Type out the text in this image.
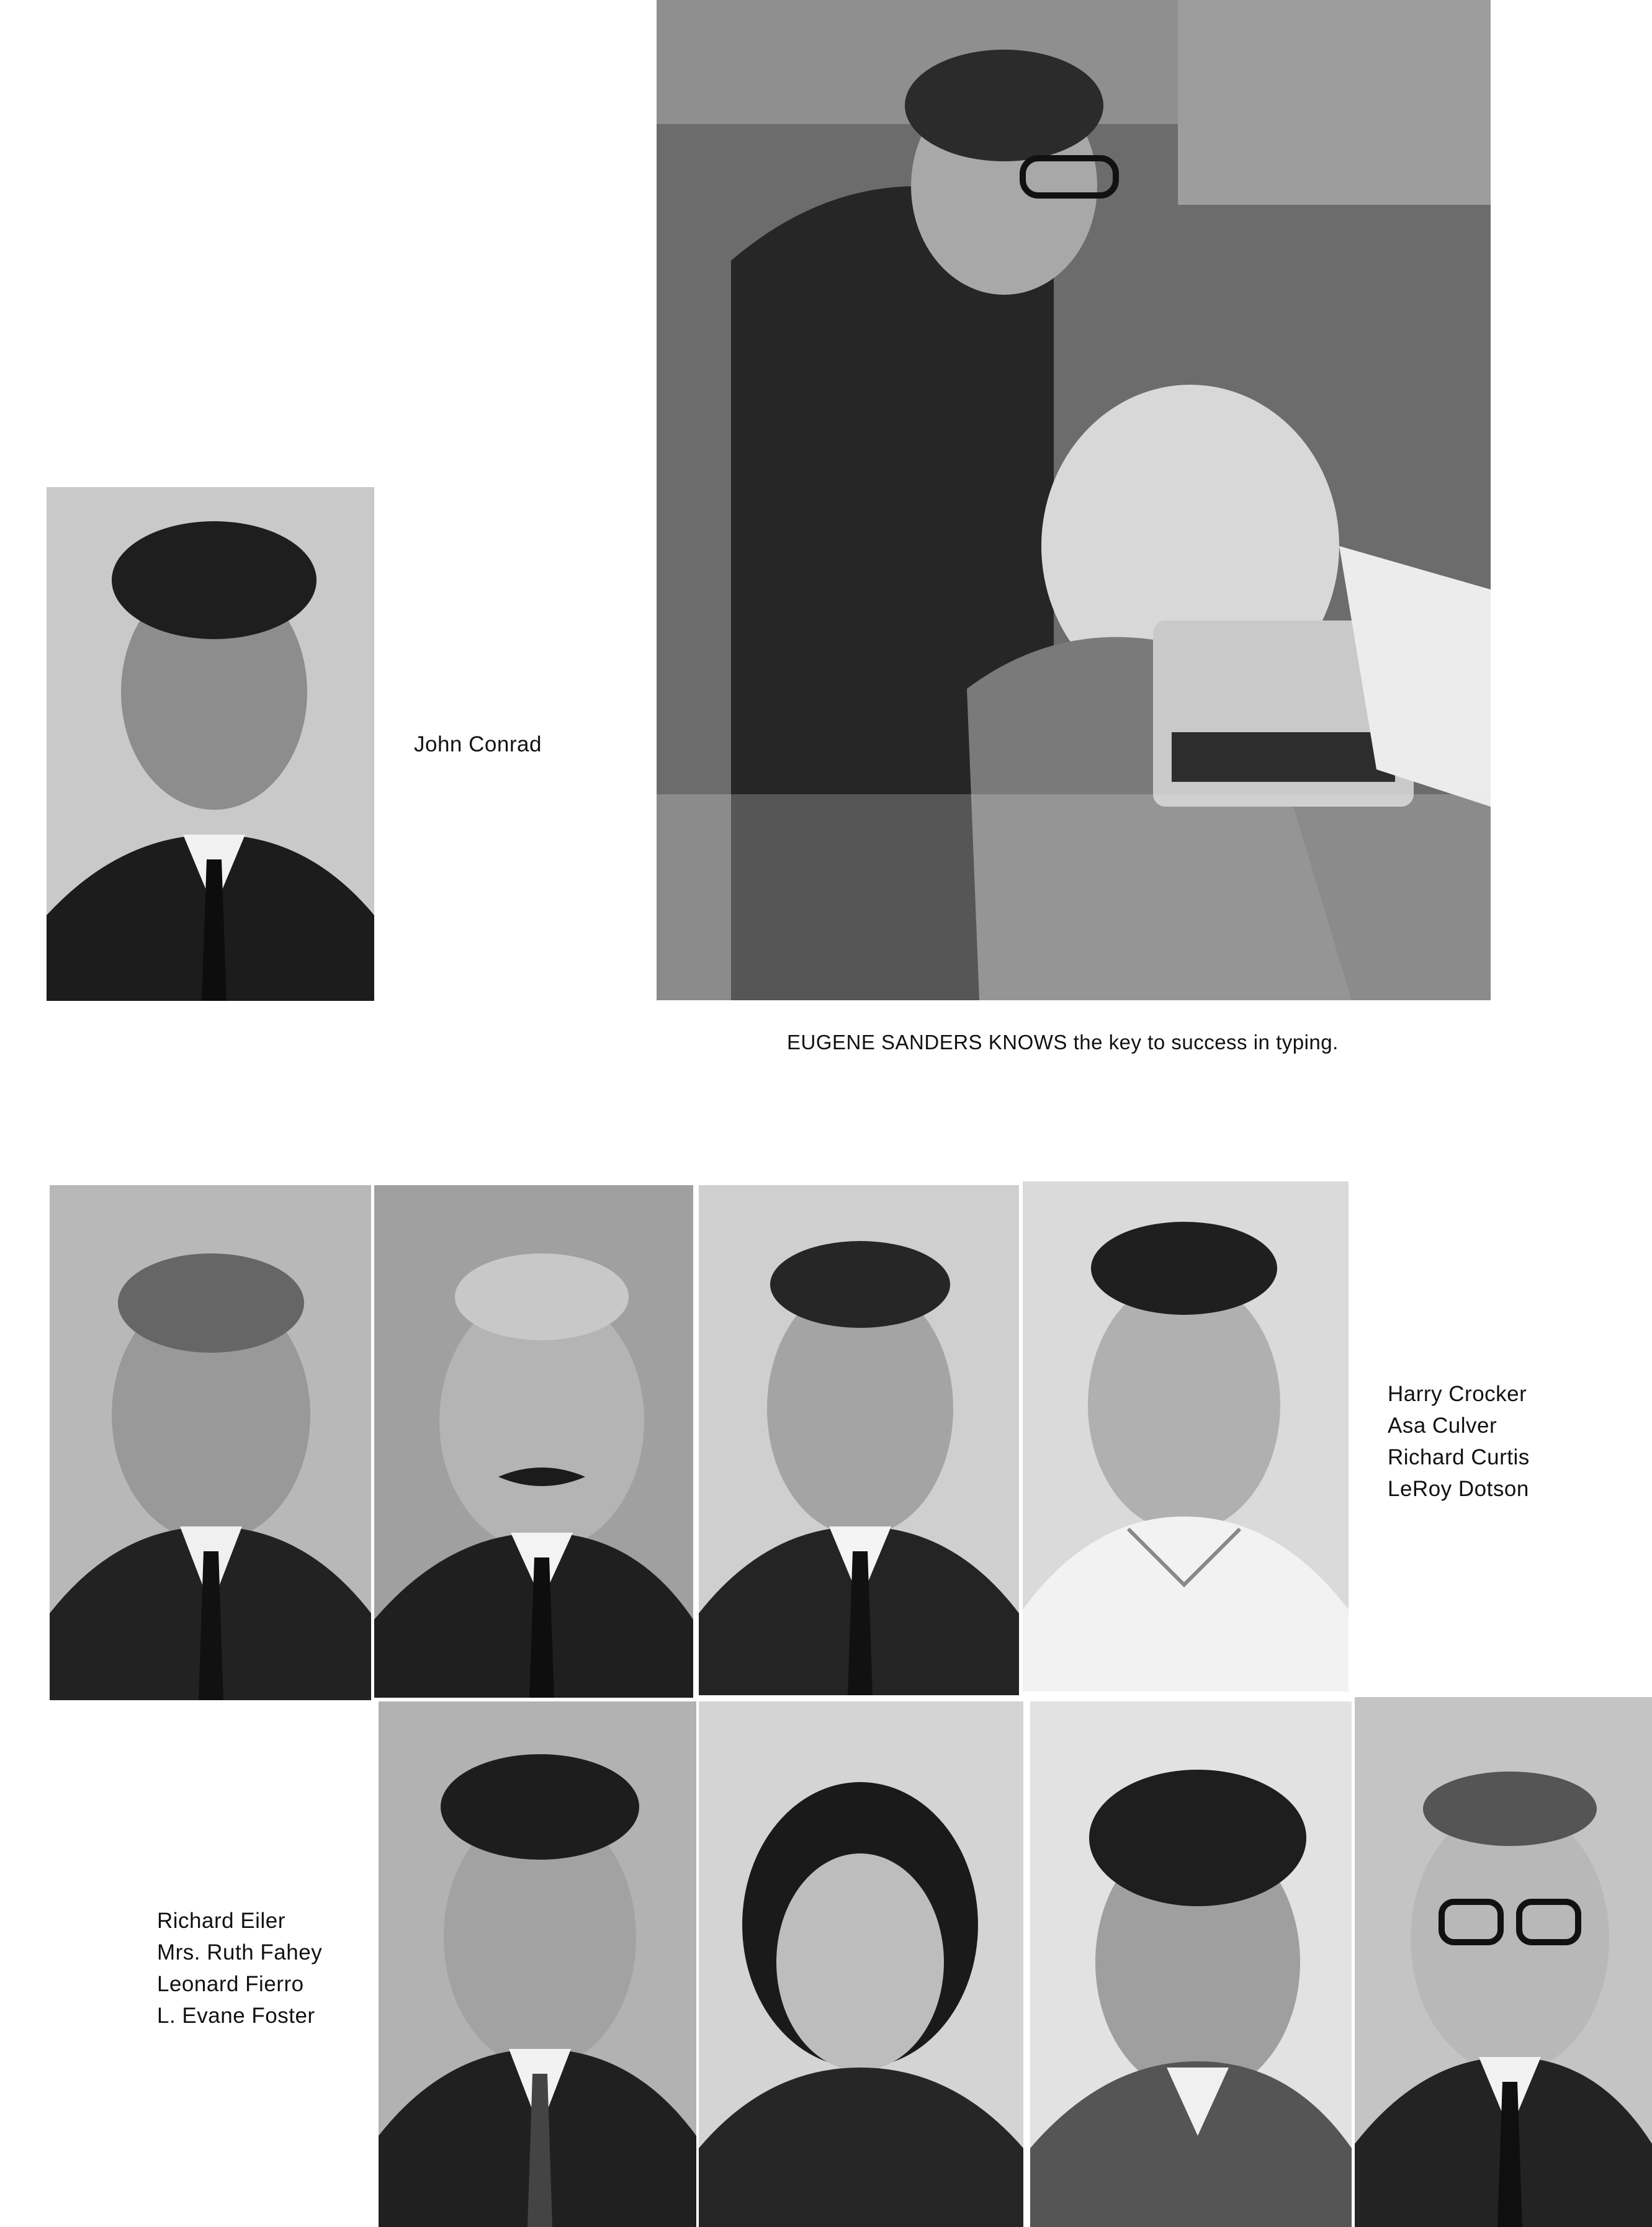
John Conrad
EUGENE SANDERS KNOWS the key to success in typing.
Harry Crocker
Asa Culver
Richard Curtis
LeRoy Dotson
Richard Eiler
Mrs. Ruth Fahey
Leonard Fierro
L. Evane Foster
